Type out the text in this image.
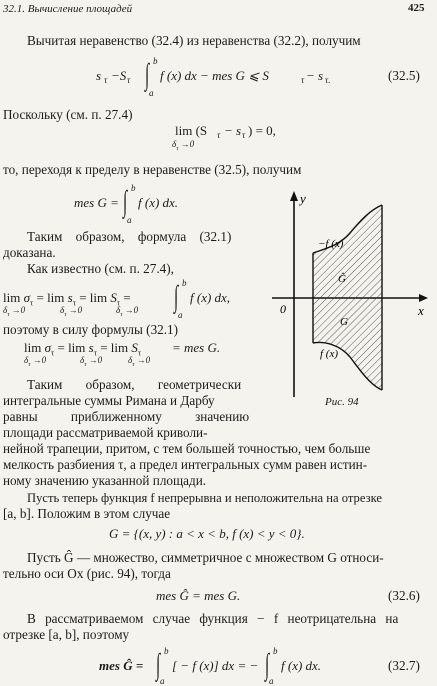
32.1. Вычисление площадей	425
Вычитая неравенство (32.4) из неравенства (32.2), получим
s τ −S τ
b
∫
a
f (x) dx − mes G ⩽ S	τ − s τ.	(32.5)
Поскольку (см. п. 27.4)
lim (S τ − s τ ) = 0,
$\delta_\tau \to 0$
то, переходя к пределу в неравенстве (32.5), получим
mes G =
b
∫
a
f (x) dx.
Таким образом, формула (32.1)
доказана.
Как известно (см. п. 27.4),
$\lim \sigma_\tau = \lim s_\tau = \lim S_\tau$ =
$\delta_\tau \to 0$	$\delta_\tau \to 0$	$\delta_\tau \to 0$
b
∫
a
f (x) dx,
поэтому в силу формулы (32.1)
$\lim \sigma_\tau = \lim s_\tau = \lim S_\tau$ = mes G.
$\delta_\tau \to 0$	$\delta_\tau \to 0$	$\delta_\tau \to 0$
Таким образом, геометрически
интегральные суммы Римана и Дарбу
равны приближенному значению
площади рассматриваемой криволи-
нейной трапеции, притом, с тем большей точностью, чем больше
мелкость разбиения τ, а предел интегральных сумм равен истин-
ному значению указанной площади.
Пусть теперь функция f непрерывна и неположительна на отрезке
[a, b]. Положим в этом случае
G = {(x, y) : a < x < b, f (x) < y < 0}.
Пусть Ĝ — множество, симметричное с множеством G относи-
тельно оси Ox (рис. 94), тогда
mes Ĝ = mes G.	(32.6)
В рассматриваемом случае функция − f неотрицательна на
отрезке [a, b], поэтому
mes Ĝ =
b
∫ a
[ − f (x)] dx = −
b
∫ a
f (x) dx.	(32.7)
y
x
0
−f (x)
f (x)
Ĝ
G
Рис. 94
